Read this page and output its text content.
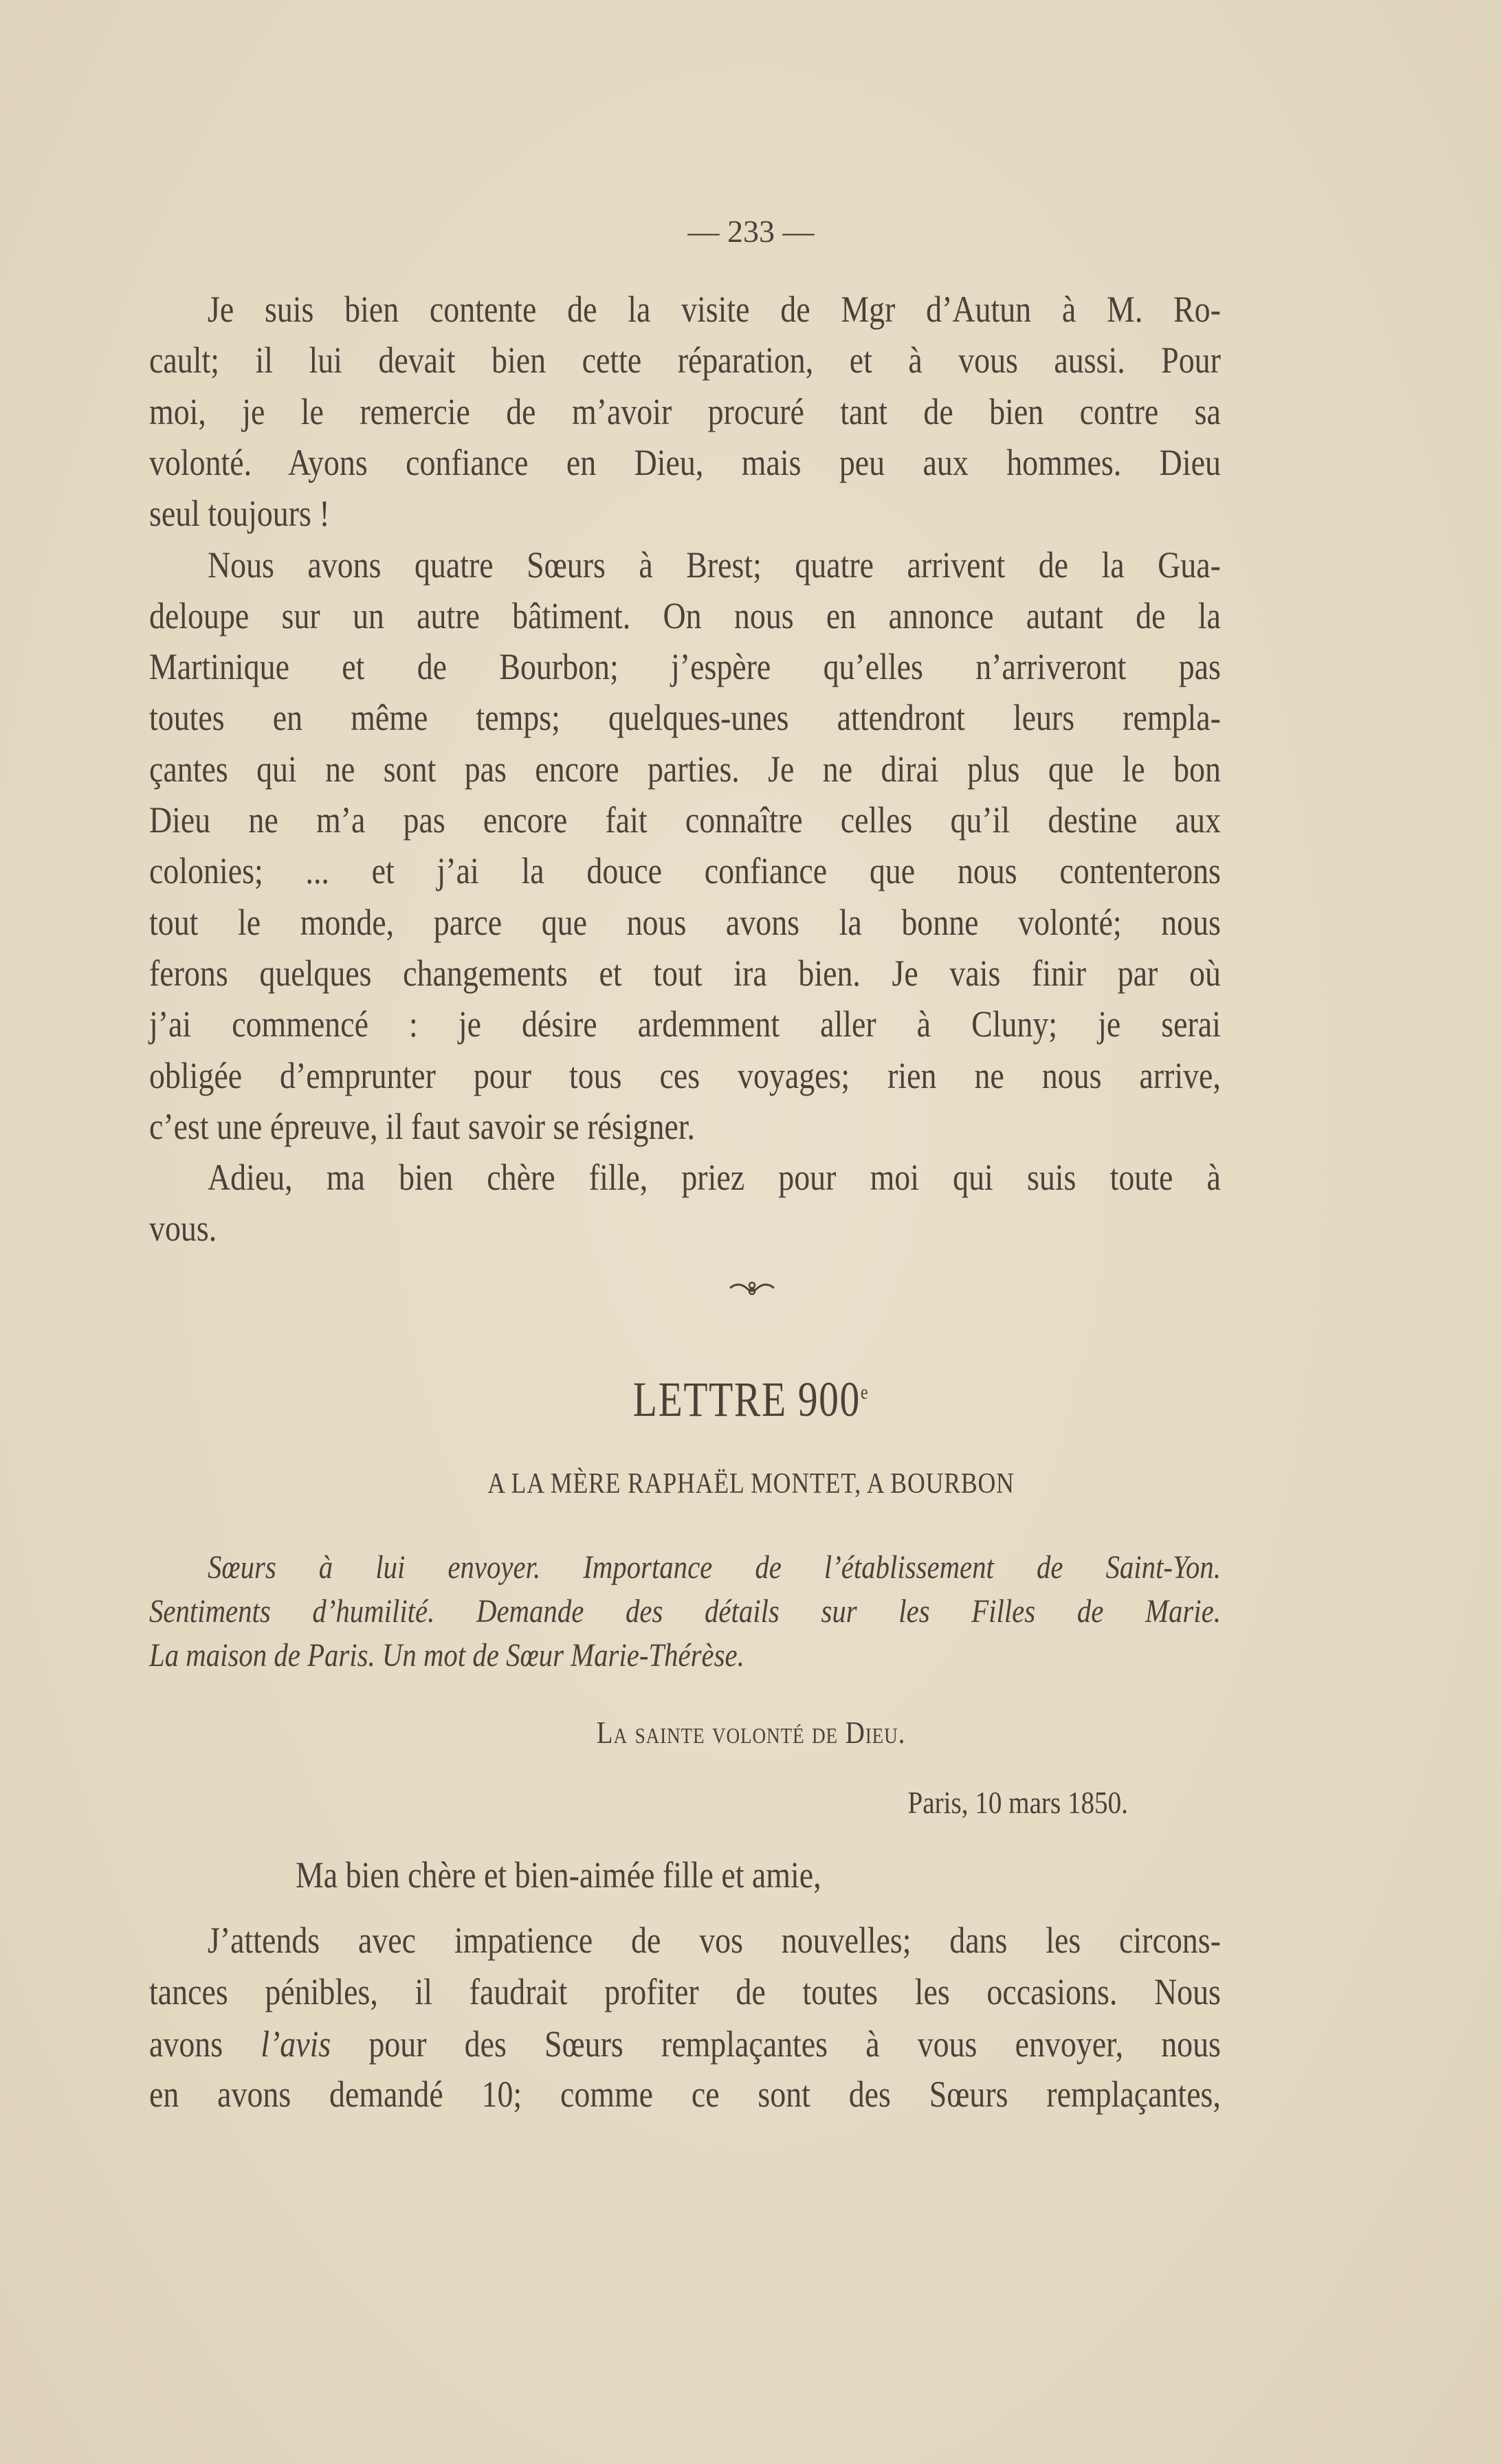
— 233 —
Je suis bien contente de la visite de Mgr d’Autun à M. Ro-
cault; il lui devait bien cette réparation, et à vous aussi. Pour
moi, je le remercie de m’avoir procuré tant de bien contre sa
volonté. Ayons confiance en Dieu, mais peu aux hommes. Dieu
seul toujours !
Nous avons quatre Sœurs à Brest; quatre arrivent de la Gua-
deloupe sur un autre bâtiment. On nous en annonce autant de la
Martinique et de Bourbon; j’espère qu’elles n’arriveront pas
toutes en même temps; quelques-unes attendront leurs rempla-
çantes qui ne sont pas encore parties. Je ne dirai plus que le bon
Dieu ne m’a pas encore fait connaître celles qu’il destine aux
colonies; ... et j’ai la douce confiance que nous contenterons
tout le monde, parce que nous avons la bonne volonté; nous
ferons quelques changements et tout ira bien. Je vais finir par où
j’ai commencé : je désire ardemment aller à Cluny; je serai
obligée d’emprunter pour tous ces voyages; rien ne nous arrive,
c’est une épreuve, il faut savoir se résigner.
Adieu, ma bien chère fille, priez pour moi qui suis toute à
vous.
LETTRE 900e
A LA MÈRE RAPHAËL MONTET, A BOURBON
Sœurs à lui envoyer. Importance de l’établissement de Saint-Yon.
Sentiments d’humilité. Demande des détails sur les Filles de Marie.
La maison de Paris. Un mot de Sœur Marie-Thérèse.
La sainte volonté de Dieu.
Paris, 10 mars 1850.
Ma bien chère et bien-aimée fille et amie,
J’attends avec impatience de vos nouvelles; dans les circons-
tances pénibles, il faudrait profiter de toutes les occasions. Nous
avons l’avis pour des Sœurs remplaçantes à vous envoyer, nous
en avons demandé 10; comme ce sont des Sœurs remplaçantes,
